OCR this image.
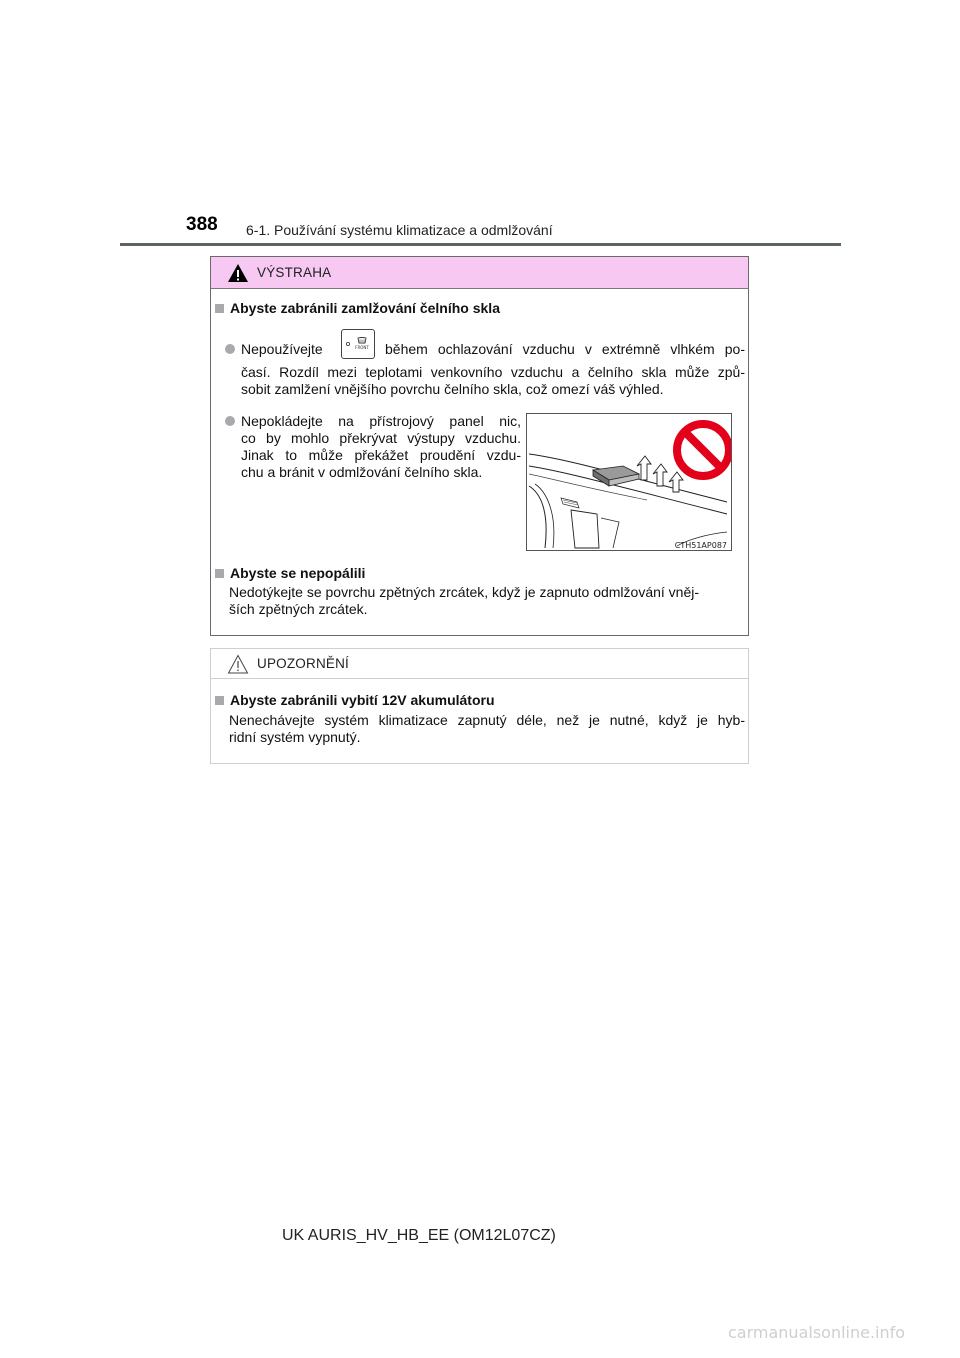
388 6-1. Používání systému klimatizace a odmlžování
VÝSTRAHA
Abyste zabránili zamlžování čelního skla
Nepoužívejte	FRONT během ochlazování vzduchu v extrémně vlhkém po-
časí. Rozdíl mezi teplotami venkovního vzduchu a čelního skla může způ-
sobit zamlžení vnějšího povrchu čelního skla, což omezí váš výhled.
Nepokládejte na přístrojový panel nic,
co by mohlo překrývat výstupy vzduchu.
Jinak to může překážet proudění vzdu-
chu a bránit v odmlžování čelního skla.
CTH51AP087
Abyste se nepopálili
Nedotýkejte se povrchu zpětných zrcátek, když je zapnuto odmlžování vněj-
ších zpětných zrcátek.
UPOZORNĚNÍ
Abyste zabránili vybití 12V akumulátoru
Nenechávejte systém klimatizace zapnutý déle, než je nutné, když je hyb-
ridní systém vypnutý.
UK AURIS_HV_HB_EE (OM12L07CZ)
carmanualsonline.info
